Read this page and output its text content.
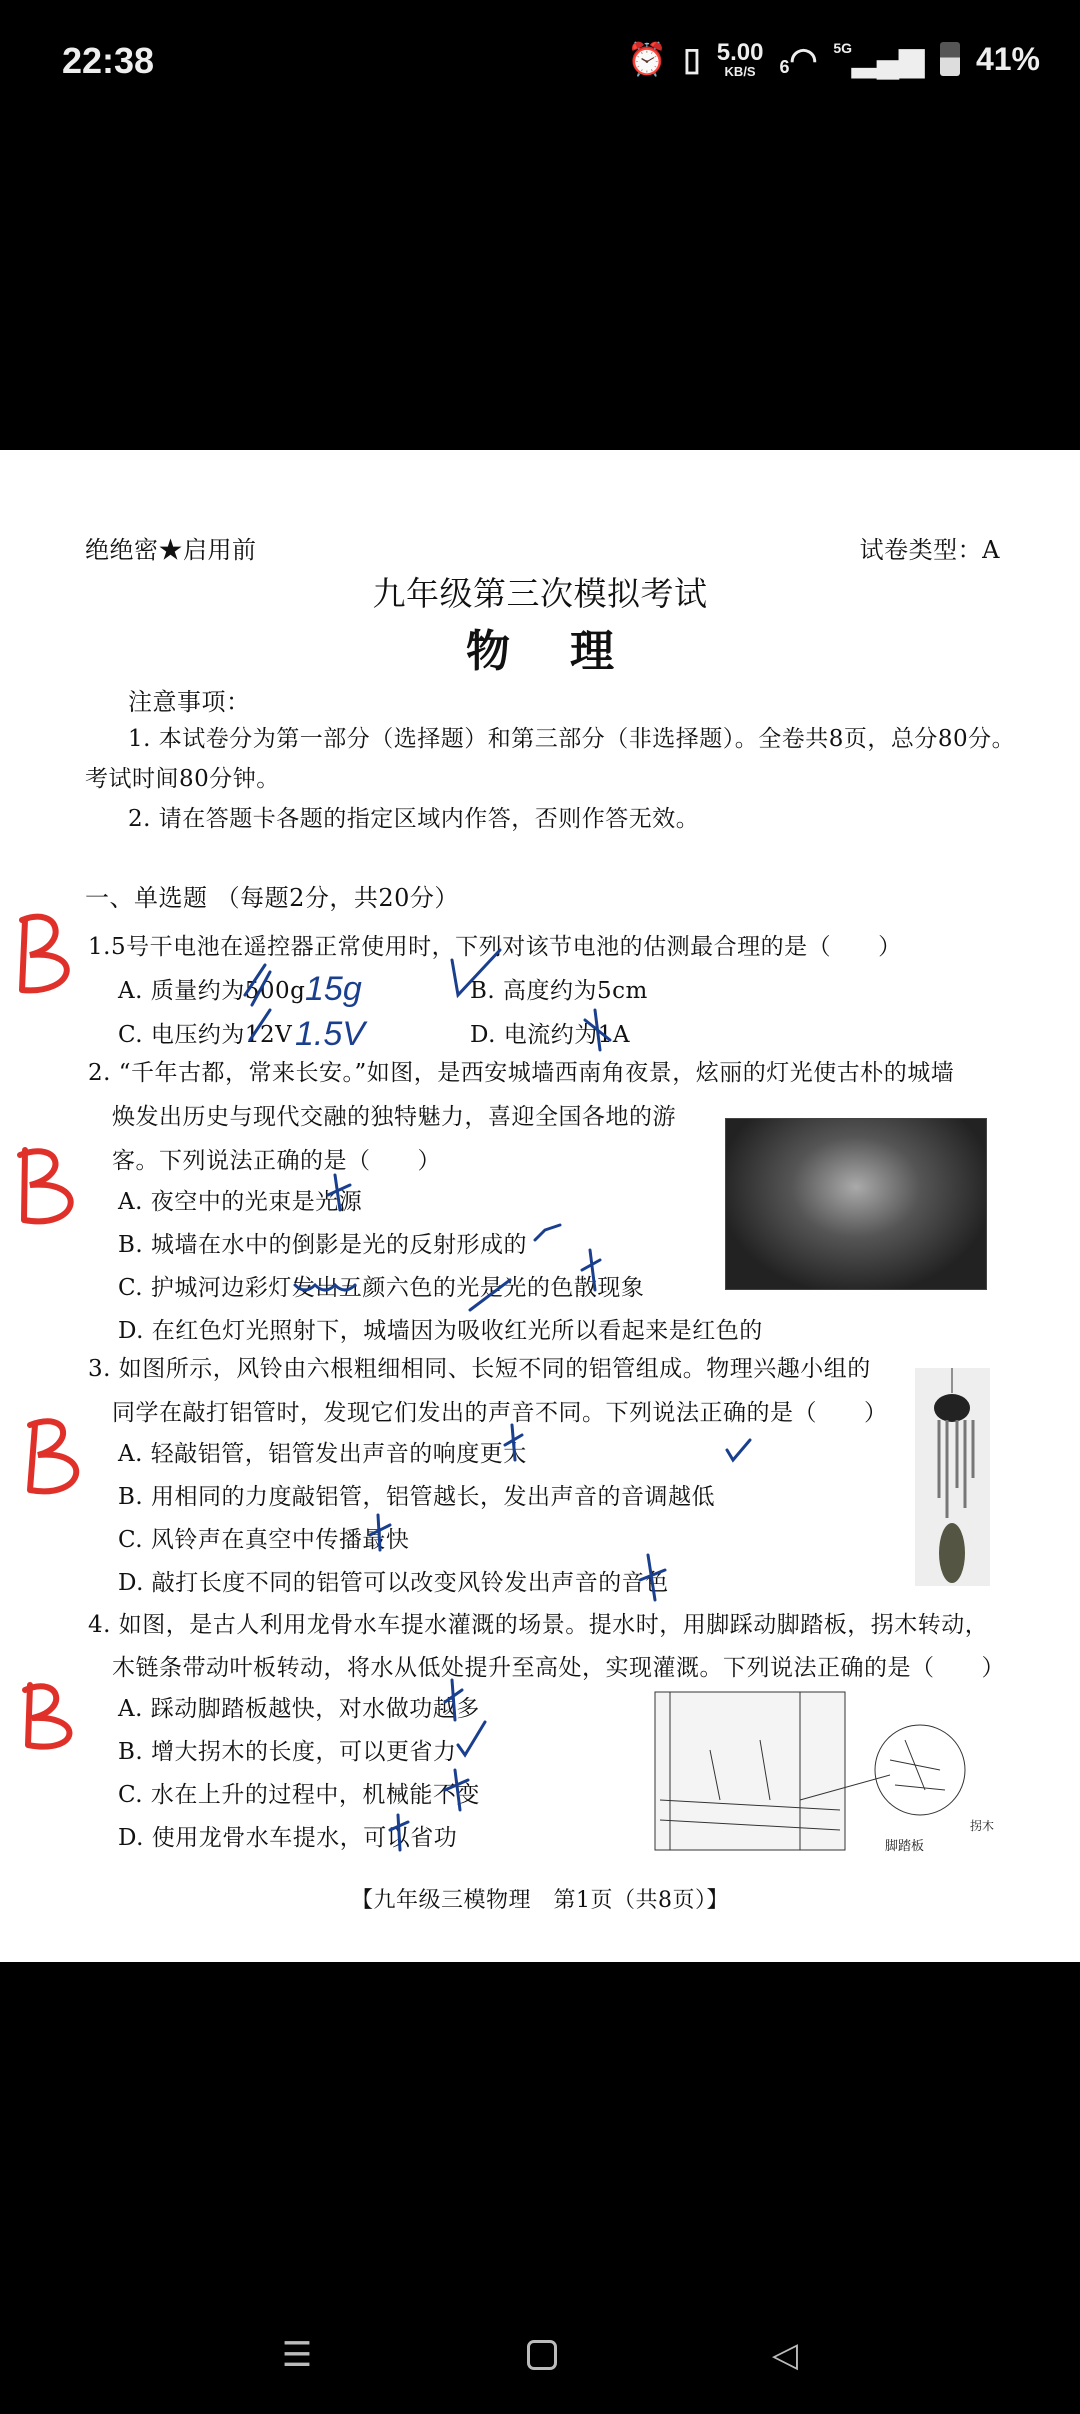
22:38	⏰ ▯ 5.00
KB/S 6 ◠ 5G ▂▄▆ 41%
绝绝密★启用前	试卷类型：A
九年级第三次模拟考试
物理
注意事项：
1. 本试卷分为第一部分（选择题）和第三部分（非选择题）。全卷共8页，总分80分。
考试时间80分钟。
2. 请在答题卡各题的指定区域内作答，否则作答无效。
一、单选题 （每题2分，共20分）
1.5号干电池在遥控器正常使用时，下列对该节电池的估测最合理的是（　　）
A. 质量约为500g	B. 高度约为5cm
C. 电压约为12V	D. 电流约为1A
2. “千年古都，常来长安。”如图，是西安城墙西南角夜景，炫丽的灯光使古朴的城墙
焕发出历史与现代交融的独特魅力，喜迎全国各地的游
客。下列说法正确的是（　　）
A. 夜空中的光束是光源
B. 城墙在水中的倒影是光的反射形成的
C. 护城河边彩灯发出五颜六色的光是光的色散现象
D. 在红色灯光照射下，城墙因为吸收红光所以看起来是红色的
3. 如图所示，风铃由六根粗细相同、长短不同的铝管组成。物理兴趣小组的
同学在敲打铝管时，发现它们发出的声音不同。下列说法正确的是（　　）
A. 轻敲铝管，铝管发出声音的响度更大
B. 用相同的力度敲铝管，铝管越长，发出声音的音调越低
C. 风铃声在真空中传播最快
D. 敲打长度不同的铝管可以改变风铃发出声音的音色
4. 如图，是古人利用龙骨水车提水灌溉的场景。提水时，用脚踩动脚踏板，拐木转动，
木链条带动叶板转动，将水从低处提升至高处，实现灌溉。下列说法正确的是（　　）
A. 踩动脚踏板越快，对水做功越多
B. 增大拐木的长度，可以更省力
C. 水在上升的过程中，机械能不变
D. 使用龙骨水车提水，可以省功	脚踏板
拐木
【九年级三模物理　第1页（共8页）】
15g
1.5V
☰	◁
